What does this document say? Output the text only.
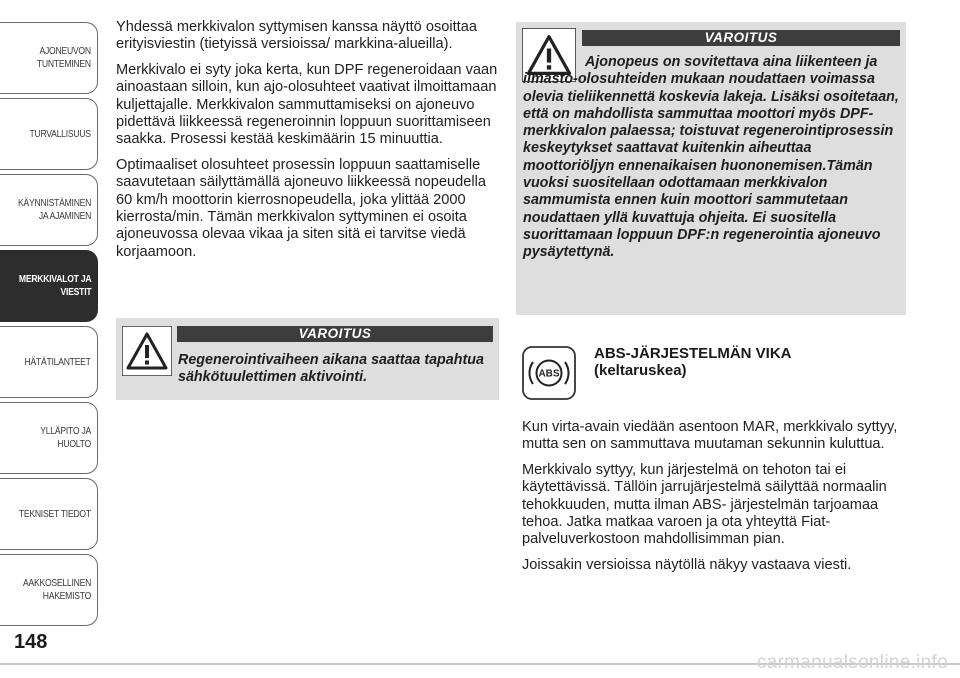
AJONEUVON
TUNTEMINEN
TURVALLISUUS
KÄYNNISTÄMINEN
JA AJAMINEN
MERKKIVALOT JA
VIESTIT
HÄTÄTILANTEET
YLLÄPITO JA HUOLTO
TEKNISET TIEDOT
AAKKOSELLINEN
HAKEMISTO
148

Yhdessä merkkivalon syttymisen kanssa näyttö osoittaa erityisviestin (tietyissä versioissa/ markkina-alueilla).

Merkkivalo ei syty joka kerta, kun DPF regeneroidaan vaan ainoastaan silloin, kun ajo-olosuhteet vaativat ilmoittamaan kuljettajalle. Merkkivalon sammuttamiseksi on ajoneuvo pidettävä liikkeessä regeneroinnin loppuun suorittamiseen saakka. Prosessi kestää keskimäärin 15 minuuttia.

Optimaaliset olosuhteet prosessin loppuun saattamiselle saavutetaan säilyttämällä ajoneuvo liikkeessä nopeudella 60 km/h moottorin kierrosnopeudella, joka ylittää 2000 kierrosta/min. Tämän merkkivalon syttyminen ei osoita ajoneuvossa olevaa vikaa ja siten sitä ei tarvitse viedä korjaamoon.

VAROITUS

Regenerointivaiheen aikana saattaa tapahtua sähkötuulettimen aktivointi.

VAROITUS

Ajonopeus on sovitettava aina liikenteen ja ilmasto-olosuhteiden mukaan noudattaen voimassa olevia tieliikennettä koskevia lakeja. Lisäksi osoitetaan, että on mahdollista sammuttaa moottori myös DPF-merkkivalon palaessa; toistuvat regenerointiprosessin keskeytykset saattavat kuitenkin aiheuttaa moottoriöljyn ennenaikaisen huononemisen.Tämän vuoksi suositellaan odottamaan merkkivalon sammumista ennen kuin moottori sammutetaan noudattaen yllä kuvattuja ohjeita. Ei suositella suorittamaan loppuun DPF:n regenerointia ajoneuvo pysäytettynä.

ABS
ABS-JÄRJESTELMÄN VIKA
(keltaruskea)

Kun virta-avain viedään asentoon MAR, merkkivalo syttyy, mutta sen on sammuttava muutaman sekunnin kuluttua.

Merkkivalo syttyy, kun järjestelmä on tehoton tai ei käytettävissä. Tällöin jarrujärjestelmä säilyttää normaalin tehokkuuden, mutta ilman ABS- järjestelmän tarjoamaa tehoa. Jatka matkaa varoen ja ota yhteyttä Fiat-palveluverkostoon mahdollisimman pian.

Joissakin versioissa näytöllä näkyy vastaava viesti.

carmanualsonline.info
